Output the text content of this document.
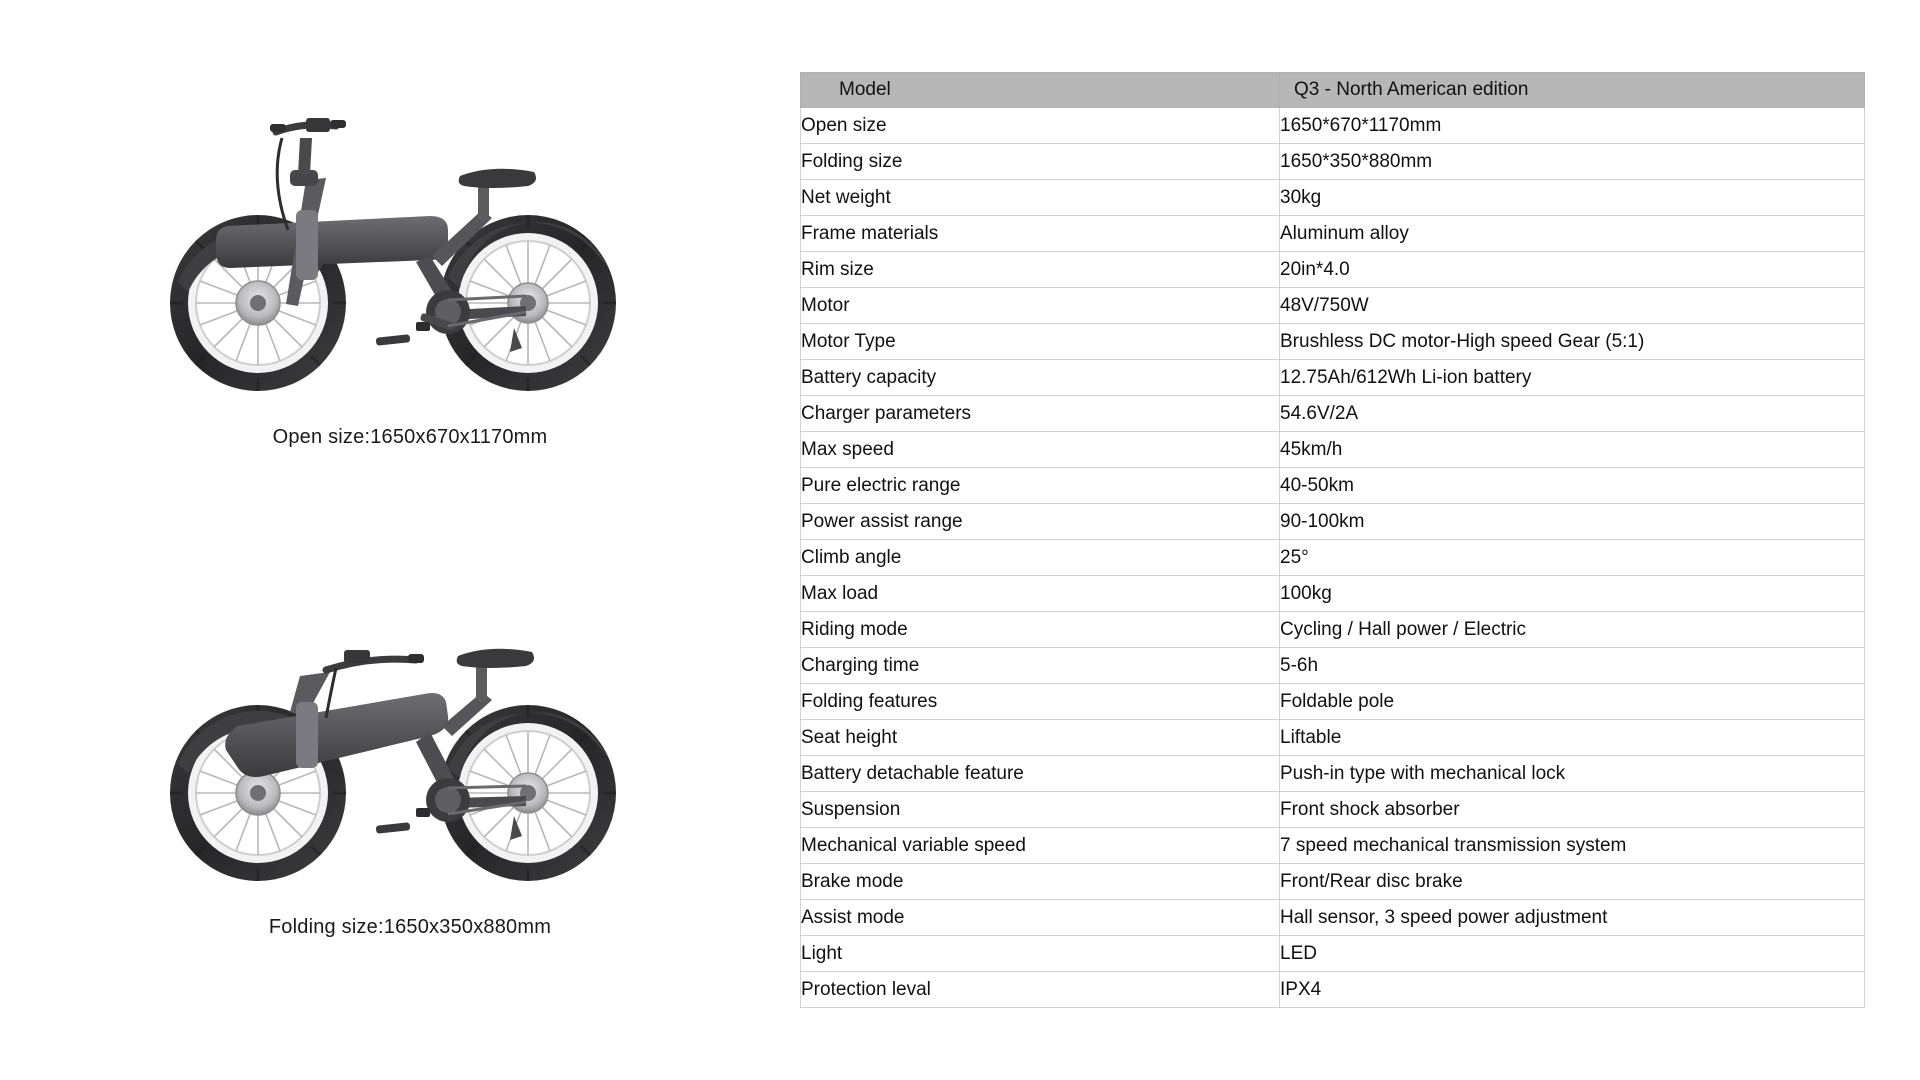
Open size:1650x670x1170mm
Folding size:1650x350x880mm
Model	Q3 - North American edition
Open size	1650*670*1170mm
Folding size	1650*350*880mm
Net weight	30kg
Frame materials	Aluminum alloy
Rim size	20in*4.0
Motor	48V/750W
Motor Type	Brushless DC motor-High speed Gear (5:1)
Battery capacity	12.75Ah/612Wh Li-ion battery
Charger parameters	54.6V/2A
Max speed	45km/h
Pure electric range	40-50km
Power assist range	90-100km
Climb angle	25°
Max load	100kg
Riding mode	Cycling / Hall power / Electric
Charging time	5-6h
Folding features	Foldable pole
Seat height	Liftable
Battery detachable feature	Push-in type with mechanical lock
Suspension	Front shock absorber
Mechanical variable speed	7 speed mechanical transmission system
Brake mode	Front/Rear disc brake
Assist mode	Hall sensor, 3 speed power adjustment
Light	LED
Protection leval	IPX4
